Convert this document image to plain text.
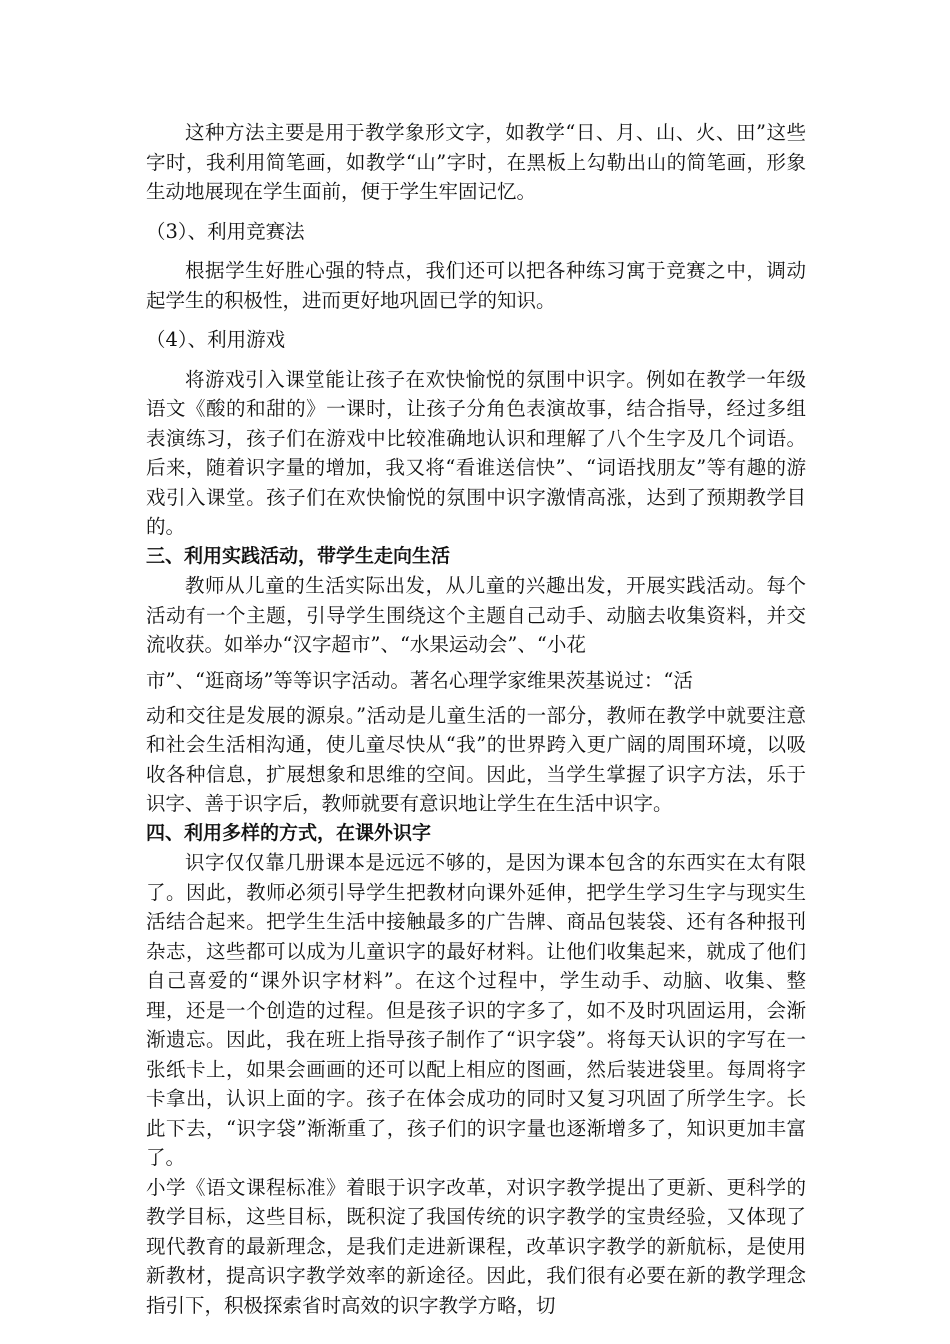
这种方法主要是用于教学象形文字，如教学“日、月、山、火、田”这些字时，我利用简笔画，如教学“山”字时，在黑板上勾勒出山的简笔画，形象生动地展现在学生面前，便于学生牢固记忆。

（3）、利用竞赛法

根据学生好胜心强的特点，我们还可以把各种练习寓于竞赛之中，调动起学生的积极性，进而更好地巩固已学的知识。

（4）、利用游戏

将游戏引入课堂能让孩子在欢快愉悦的氛围中识字。例如在教学一年级语文《酸的和甜的》一课时，让孩子分角色表演故事，结合指导，经过多组表演练习，孩子们在游戏中比较准确地认识和理解了八个生字及几个词语。后来，随着识字量的增加，我又将“看谁送信快”、“词语找朋友”等有趣的游戏引入课堂。孩子们在欢快愉悦的氛围中识字激情高涨，达到了预期教学目的。

三、利用实践活动，带学生走向生活

教师从儿童的生活实际出发，从儿童的兴趣出发，开展实践活动。每个活动有一个主题，引导学生围绕这个主题自己动手、动脑去收集资料，并交流收获。如举办“汉字超市”、“水果运动会”、“小花

市”、“逛商场”等等识字活动。著名心理学家维果茨基说过：“活

动和交往是发展的源泉。”活动是儿童生活的一部分，教师在教学中就要注意和社会生活相沟通，使儿童尽快从“我”的世界跨入更广阔的周围环境，以吸收各种信息，扩展想象和思维的空间。因此，当学生掌握了识字方法，乐于识字、善于识字后，教师就要有意识地让学生在生活中识字。

四、利用多样的方式，在课外识字

识字仅仅靠几册课本是远远不够的，是因为课本包含的东西实在太有限了。因此，教师必须引导学生把教材向课外延伸，把学生学习生字与现实生活结合起来。把学生生活中接触最多的广告牌、商品包装袋、还有各种报刊杂志，这些都可以成为儿童识字的最好材料。让他们收集起来，就成了他们自己喜爱的“课外识字材料”。在这个过程中，学生动手、动脑、收集、整理，还是一个创造的过程。但是孩子识的字多了，如不及时巩固运用，会渐渐遗忘。因此，我在班上指导孩子制作了“识字袋”。将每天认识的字写在一张纸卡上，如果会画画的还可以配上相应的图画，然后装进袋里。每周将字卡拿出，认识上面的字。孩子在体会成功的同时又复习巩固了所学生字。长此下去，“识字袋”渐渐重了，孩子们的识字量也逐渐增多了，知识更加丰富了。

小学《语文课程标准》着眼于识字改革，对识字教学提出了更新、更科学的教学目标，这些目标，既积淀了我国传统的识字教学的宝贵经验，又体现了现代教育的最新理念，是我们走进新课程，改革识字教学的新航标，是使用新教材，提高识字教学效率的新途径。因此，我们很有必要在新的教学理念指引下，积极探索省时高效的识字教学方略，切
